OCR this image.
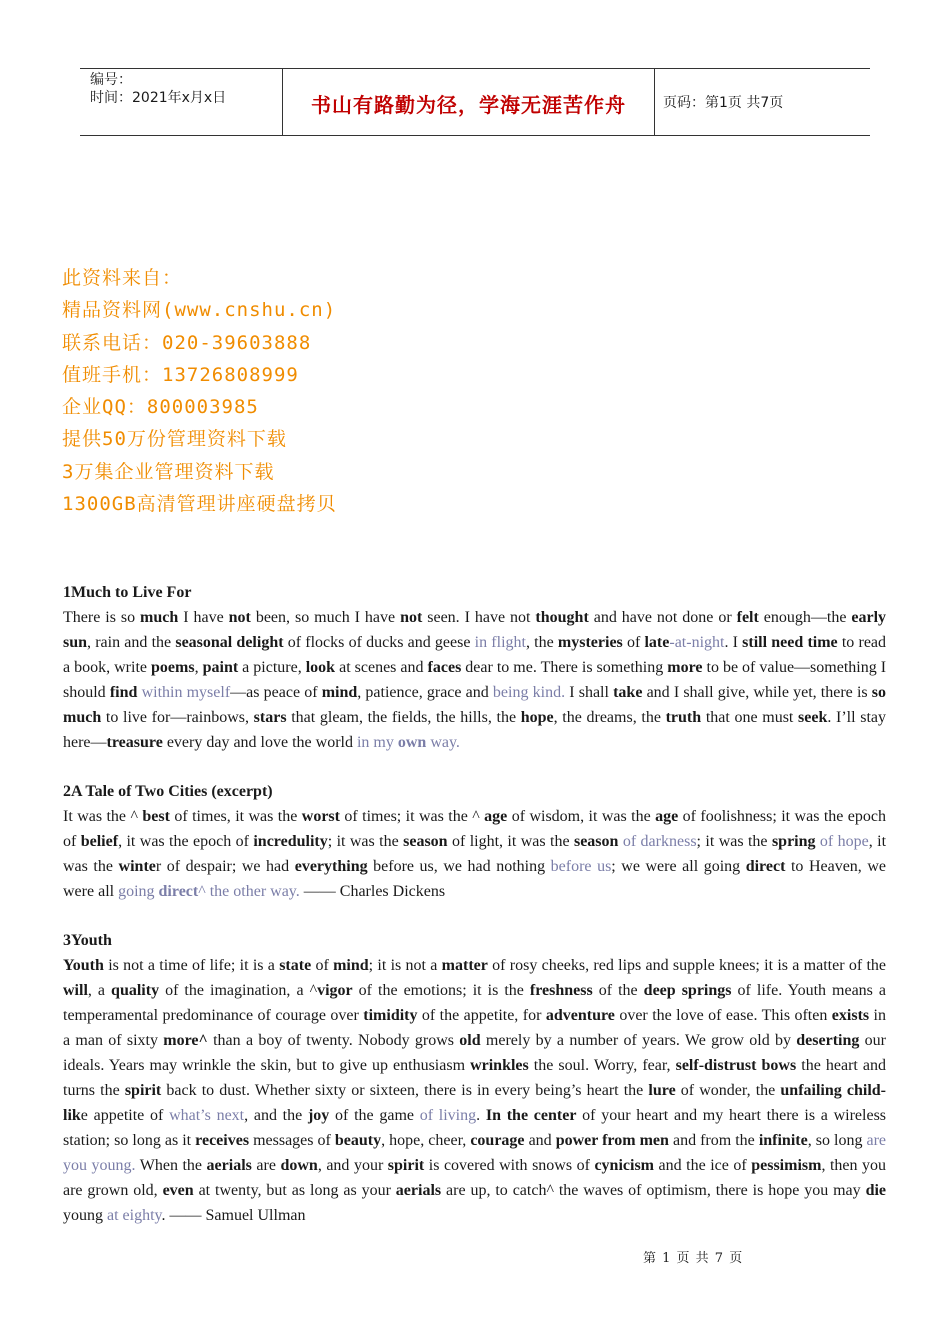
编号：
时间：2021年x月x日	书山有路勤为径，学海无涯苦作舟	页码：第1页 共7页
此资料来自：
精品资料网(www.cnshu.cn)
联系电话：020-39603888
值班手机：13726808999
企业QQ：800003985
提供50万份管理资料下载
3万集企业管理资料下载
1300GB高清管理讲座硬盘拷贝
1Much to Live For
There is so much I have not been, so much I have not seen. I have not thought and have not done or felt enough—the early sun, rain and the seasonal delight of flocks of ducks and geese in flight, the mysteries of late-at-night. I still need time to read a book, write poems, paint a picture, look at scenes and faces dear to me. There is something more to be of value—something I should find within myself—as peace of mind, patience, grace and being kind. I shall take and I shall give, while yet, there is so much to live for—rainbows, stars that gleam, the fields, the hills, the hope, the dreams, the truth that one must seek. I’ll stay here—treasure every day and love the world in my own way.
2A Tale of Two Cities (excerpt)
It was the ^ best of times, it was the worst of times; it was the ^ age of wisdom, it was the age of foolishness; it was the epoch of belief, it was the epoch of incredulity; it was the season of light, it was the season of darkness; it was the spring of hope, it was the winter of despair; we had everything before us, we had nothing before us; we were all going direct to Heaven, we were all going direct^ the other way. —— Charles Dickens
3Youth
Youth is not a time of life; it is a state of mind; it is not a matter of rosy cheeks, red lips and supple knees; it is a matter of the will, a quality of the imagination, a ^vigor of the emotions; it is the freshness of the deep springs of life. Youth means a temperamental predominance of courage over timidity of the appetite, for adventure over the love of ease. This often exists in a man of sixty more^ than a boy of twenty. Nobody grows old merely by a number of years. We grow old by deserting our ideals. Years may wrinkle the skin, but to give up enthusiasm wrinkles the soul. Worry, fear, self-distrust bows the heart and turns the spirit back to dust. Whether sixty or sixteen, there is in every being’s heart the lure of wonder, the unfailing child-like appetite of what’s next, and the joy of the game of living. In the center of your heart and my heart there is a wireless station; so long as it receives messages of beauty, hope, cheer, courage and power from men and from the infinite, so long are you young. When the aerials are down, and your spirit is covered with snows of cynicism and the ice of pessimism, then you are grown old, even at twenty, but as long as your aerials are up, to catch^ the waves of optimism, there is hope you may die young at eighty. —— Samuel Ullman
第 1 页 共 7 页
